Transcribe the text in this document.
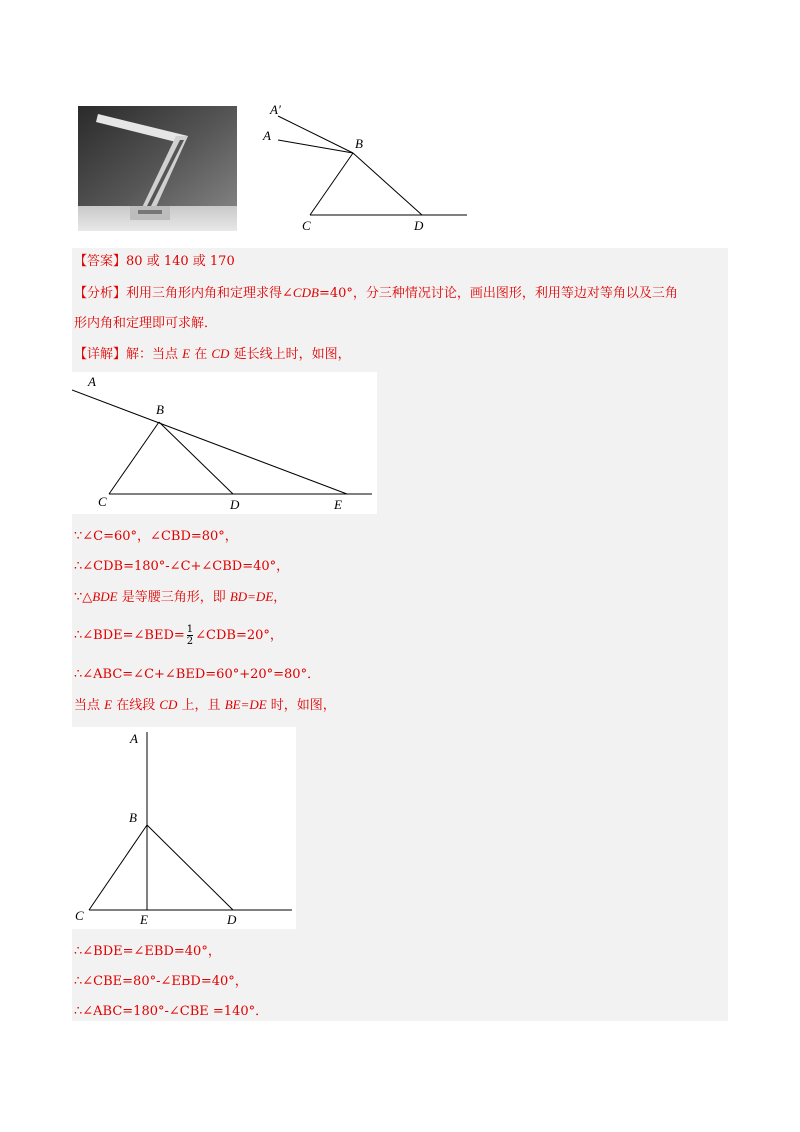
A′
A
B
C	D
【答案】80 或 140 或 170
【分析】利用三角形内角和定理求得∠CDB=40°，分三种情况讨论，画出图形，利用等边对等角以及三角
形内角和定理即可求解．
【详解】解：当点 E 在 CD 延长线上时，如图，
A
B
C	D	E
∵∠C=60°，∠CBD=80°，
∴∠CDB=180°-∠C+∠CBD=40°，
∵△BDE 是等腰三角形，即 BD=DE，
∴∠BDE=∠BED= $\frac{1}{2}$ ∠CDB=20°，
∴∠ABC=∠C+∠BED=60°+20°=80°．
当点 E 在线段 CD 上，且 BE=DE 时，如图，
A
B
C	E	D
∴∠BDE=∠EBD=40°，
∴∠CBE=80°-∠EBD=40°，
∴∠ABC=180°-∠CBE =140°．
